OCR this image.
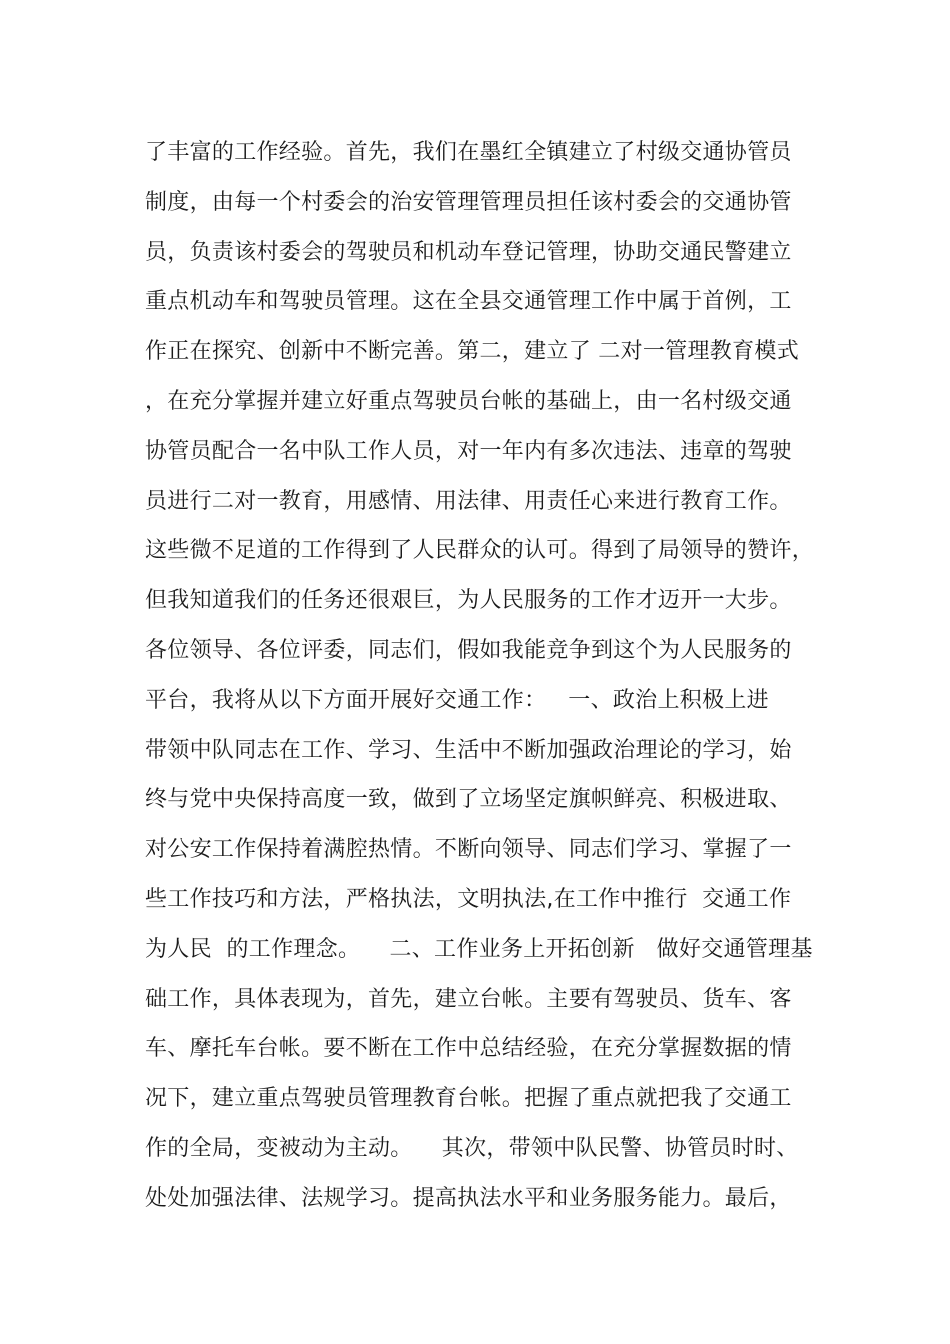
了丰富的工作经验。首先，我们在墨红全镇建立了村级交通协管员
制度，由每一个村委会的治安管理管理员担任该村委会的交通协管
员，负责该村委会的驾驶员和机动车登记管理，协助交通民警建立
重点机动车和驾驶员管理。这在全县交通管理工作中属于首例，工
作正在探究、创新中不断完善。第二，建立了 二对一管理教育模式
，在充分掌握并建立好重点驾驶员台帐的基础上，由一名村级交通
协管员配合一名中队工作人员，对一年内有多次违法、违章的驾驶
员进行二对一教育，用感情、用法律、用责任心来进行教育工作。
这些微不足道的工作得到了人民群众的认可。得到了局领导的赞许，
但我知道我们的任务还很艰巨，为人民服务的工作才迈开一大步。
各位领导、各位评委，同志们，假如我能竞争到这个为人民服务的
平台，我将从以下方面开展好交通工作：   一、政治上积极上进
带领中队同志在工作、学习、生活中不断加强政治理论的学习，始
终与党中央保持高度一致，做到了立场坚定旗帜鲜亮、积极进取、
对公安工作保持着满腔热情。不断向领导、同志们学习、掌握了一
些工作技巧和方法，严格执法，文明执法,在工作中推行  交通工作
为人民  的工作理念。    二、工作业务上开拓创新   做好交通管理基
础工作，具体表现为，首先，建立台帐。主要有驾驶员、货车、客
车、摩托车台帐。要不断在工作中总结经验，在充分掌握数据的情
况下，建立重点驾驶员管理教育台帐。把握了重点就把我了交通工
作的全局，变被动为主动。    其次，带领中队民警、协管员时时、
处处加强法律、法规学习。提高执法水平和业务服务能力。最后，
